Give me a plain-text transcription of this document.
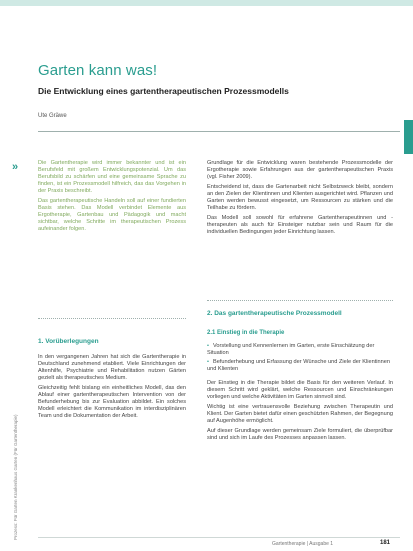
Garten kann was!
Die Entwicklung eines gartentherapeutischen Prozessmodells
Ute Gräwe
»
Prozess: Für Garten Krankenhaus Garten (Für Gartentherapie)

Die Gartentherapie wird immer bekannter und ist ein Berufsfeld mit großem Entwicklungspotenzial. Um das Berufsbild zu schärfen und eine gemeinsame Sprache zu finden, ist ein Prozessmodell hilfreich, das das Vorgehen in der Praxis beschreibt.

Das gartentherapeutische Handeln soll auf einer fundierten Basis stehen. Das Modell verbindet Elemente aus Ergotherapie, Gartenbau und Pädagogik und macht sichtbar, welche Schritte im therapeutischen Prozess aufeinander folgen.

1. Vorüberlegungen

In den vergangenen Jahren hat sich die Gartentherapie in Deutschland zunehmend etabliert. Viele Einrichtungen der Altenhilfe, Psychiatrie und Rehabilitation nutzen Gärten gezielt als therapeutisches Medium.

Gleichzeitig fehlt bislang ein einheitliches Modell, das den Ablauf einer gartentherapeutischen Intervention von der Befunderhebung bis zur Evaluation abbildet. Ein solches Modell erleichtert die Kommunikation im interdisziplinären Team und die Dokumentation der Arbeit.

Grundlage für die Entwicklung waren bestehende Prozessmodelle der Ergotherapie sowie Erfahrungen aus der gartentherapeutischen Praxis (vgl. Fisher 2009).

Entscheidend ist, dass die Gartenarbeit nicht Selbstzweck bleibt, sondern an den Zielen der Klientinnen und Klienten ausgerichtet wird. Pflanzen und Garten werden bewusst eingesetzt, um Ressourcen zu stärken und die Teilhabe zu fördern.

Das Modell soll sowohl für erfahrene Gartentherapeutinnen und -therapeuten als auch für Einsteiger nutzbar sein und Raum für die individuellen Bedingungen jeder Einrichtung lassen.

2. Das gartentherapeutische Prozessmodell
2.1 Einstieg in die Therapie
• Vorstellung und Kennenlernen im Garten, erste Einschätzung der Situation
• Befunderhebung und Erfassung der Wünsche und Ziele der Klientinnen und Klienten

Der Einstieg in die Therapie bildet die Basis für den weiteren Verlauf. In diesem Schritt wird geklärt, welche Ressourcen und Einschränkungen vorliegen und welche Aktivitäten im Garten sinnvoll sind.

Wichtig ist eine vertrauensvolle Beziehung zwischen Therapeutin und Klient. Der Garten bietet dafür einen geschützten Rahmen, der Begegnung auf Augenhöhe ermöglicht.

Auf dieser Grundlage werden gemeinsam Ziele formuliert, die überprüfbar sind und sich im Laufe des Prozesses anpassen lassen.

Gartentherapie | Ausgabe 1	181
